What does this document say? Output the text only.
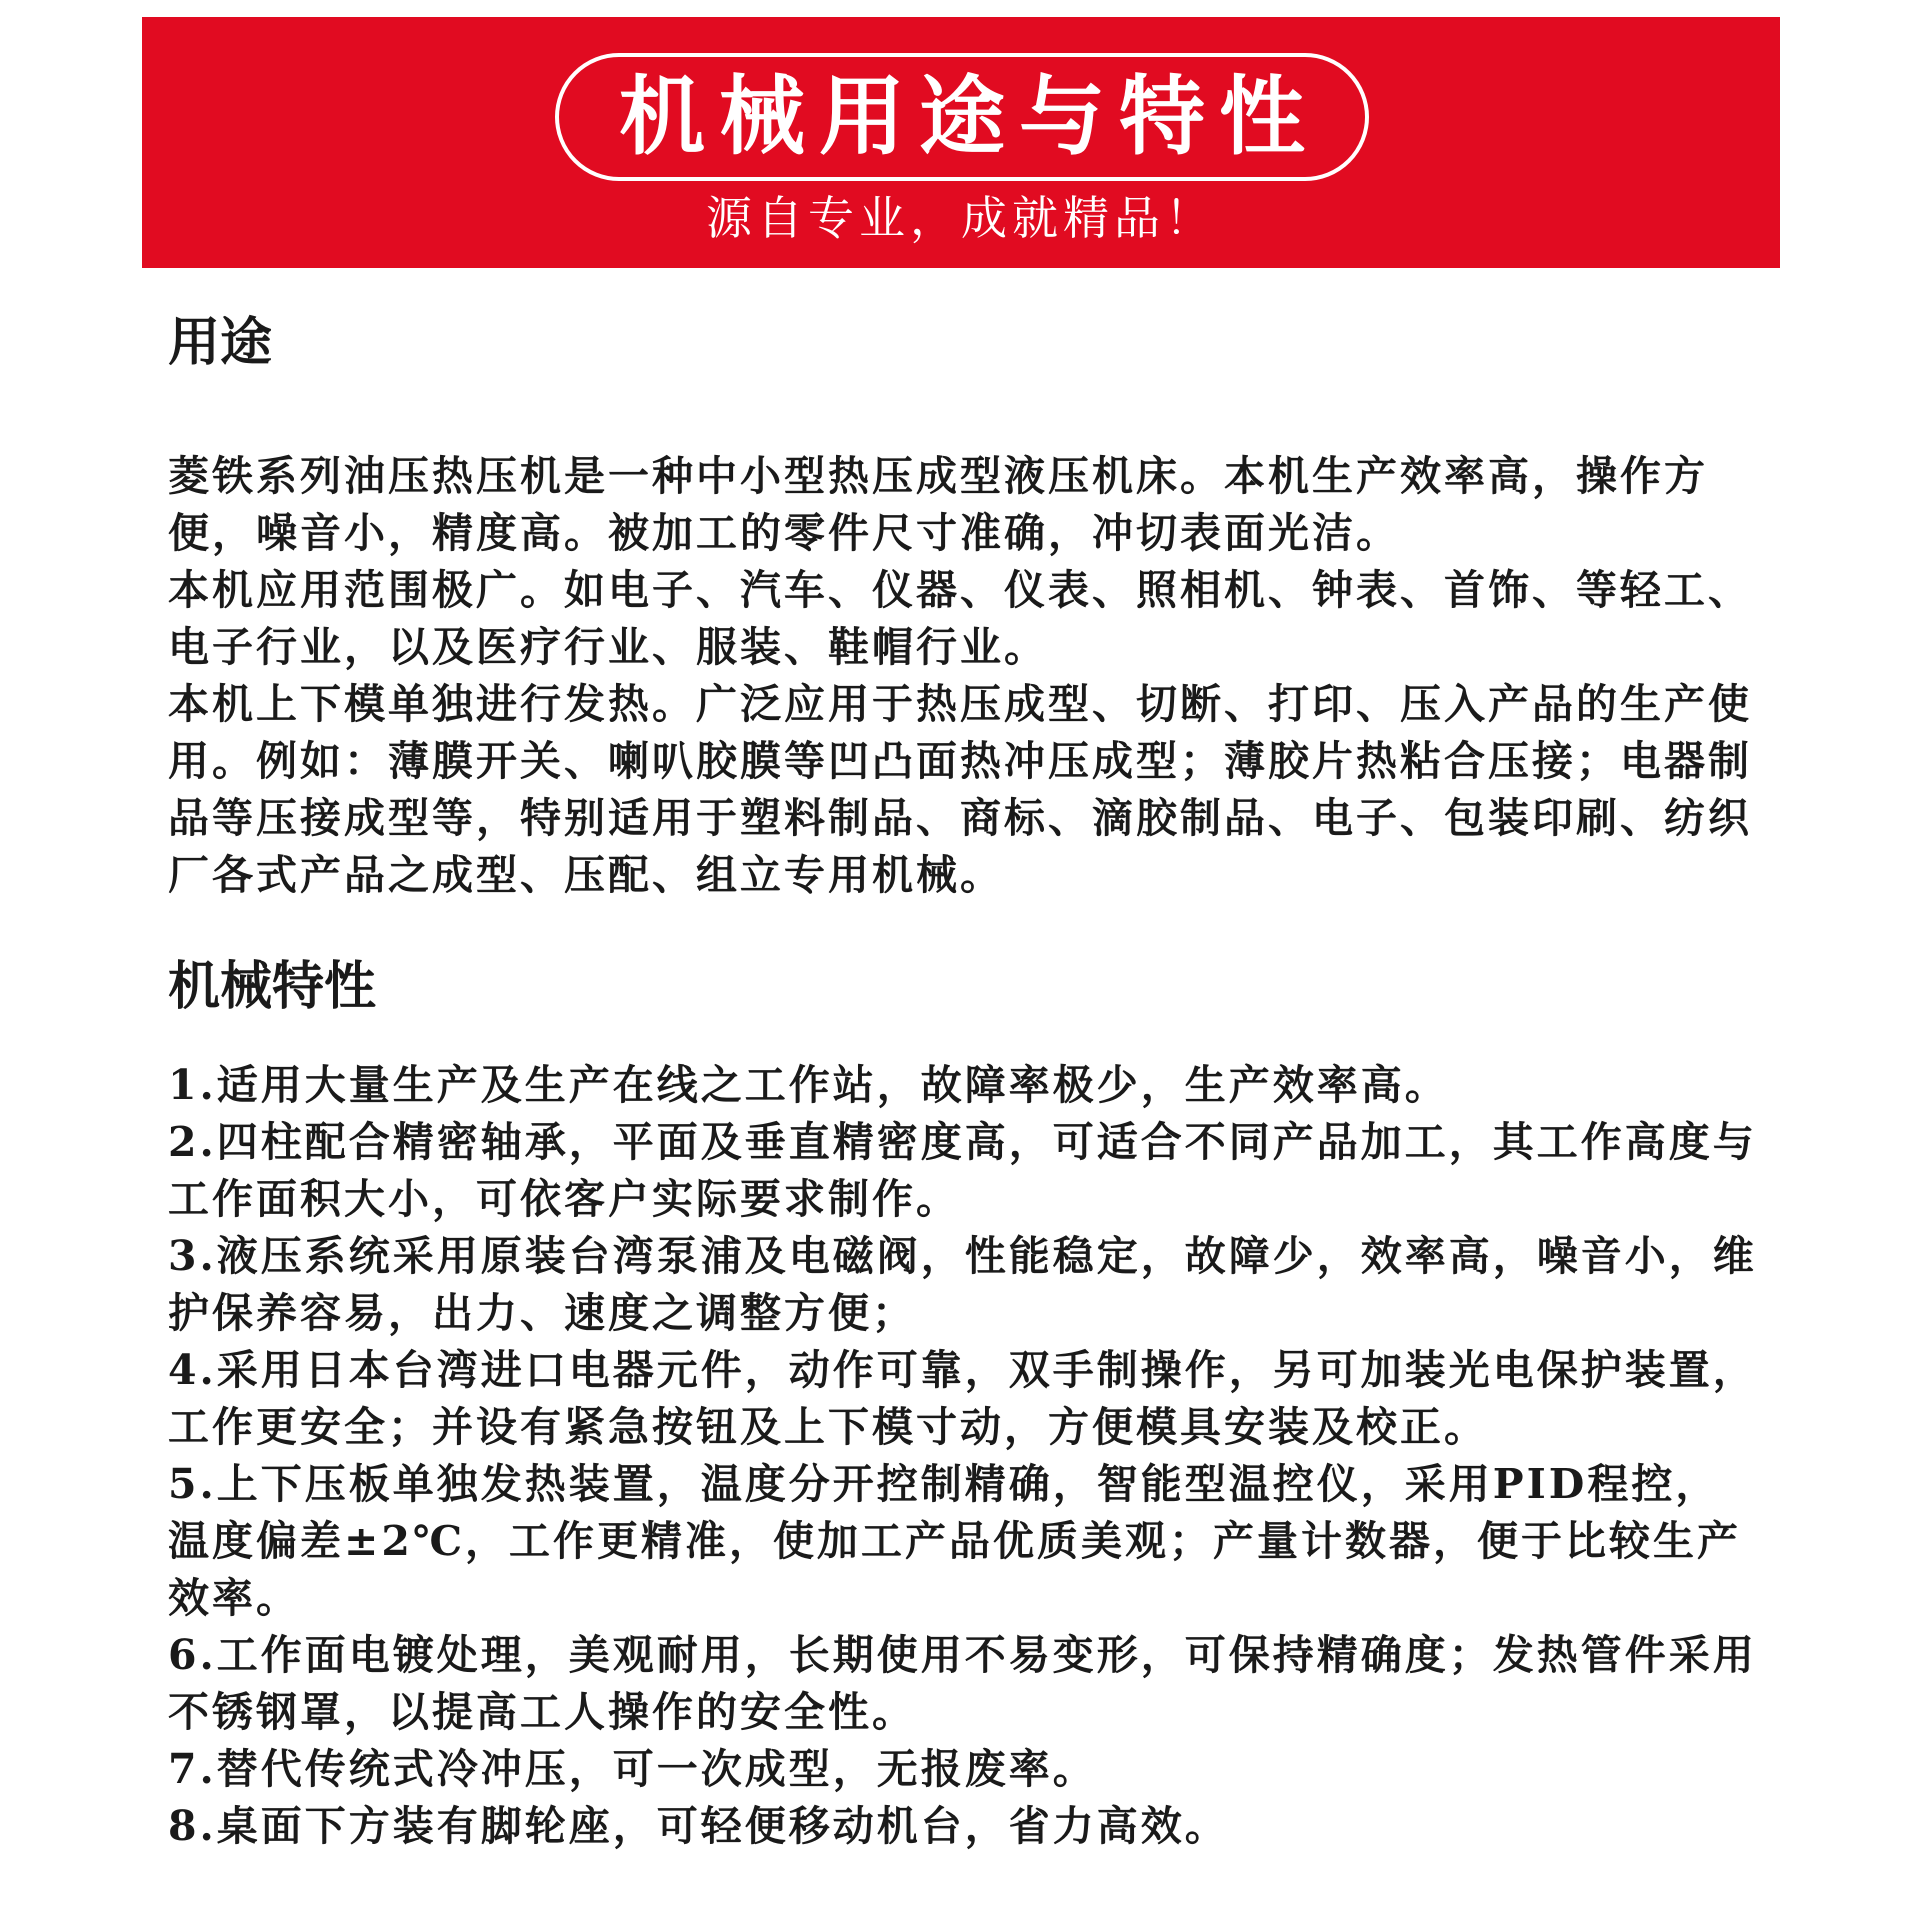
机械用途与特性
源自专业，成就精品！
用途

菱铁系列油压热压机是一种中小型热压成型液压机床。本机生产效率高，操作方便，噪音小，精度高。被加工的零件尺寸准确，冲切表面光洁。

本机应用范围极广。如电子、汽车、仪器、仪表、照相机、钟表、首饰、等轻工、电子行业，以及医疗行业、服装、鞋帽行业。

本机上下模单独进行发热。广泛应用于热压成型、切断、打印、压入产品的生产使用。例如：薄膜开关、喇叭胶膜等凹凸面热冲压成型；薄胶片热粘合压接；电器制品等压接成型等，特别适用于塑料制品、商标、滴胶制品、电子、包装印刷、纺织厂各式产品之成型、压配、组立专用机械。

机械特性

1.适用大量生产及生产在线之工作站，故障率极少，生产效率高。

2.四柱配合精密轴承，平面及垂直精密度高，可适合不同产品加工，其工作高度与工作面积大小，可依客户实际要求制作。

3.液压系统采用原装台湾泵浦及电磁阀，性能稳定，故障少，效率高，噪音小，维护保养容易，出力、速度之调整方便；

4.采用日本台湾进口电器元件，动作可靠，双手制操作，另可加装光电保护装置，工作更安全；并设有紧急按钮及上下模寸动，方便模具安装及校正。

5.上下压板单独发热装置，温度分开控制精确，智能型温控仪，采用PID程控，温度偏差±2℃，工作更精准，使加工产品优质美观；产量计数器，便于比较生产效率。

6.工作面电镀处理，美观耐用，长期使用不易变形，可保持精确度；发热管件采用不锈钢罩，以提高工人操作的安全性。

7.替代传统式冷冲压，可一次成型，无报废率。

8.桌面下方装有脚轮座，可轻便移动机台，省力高效。
